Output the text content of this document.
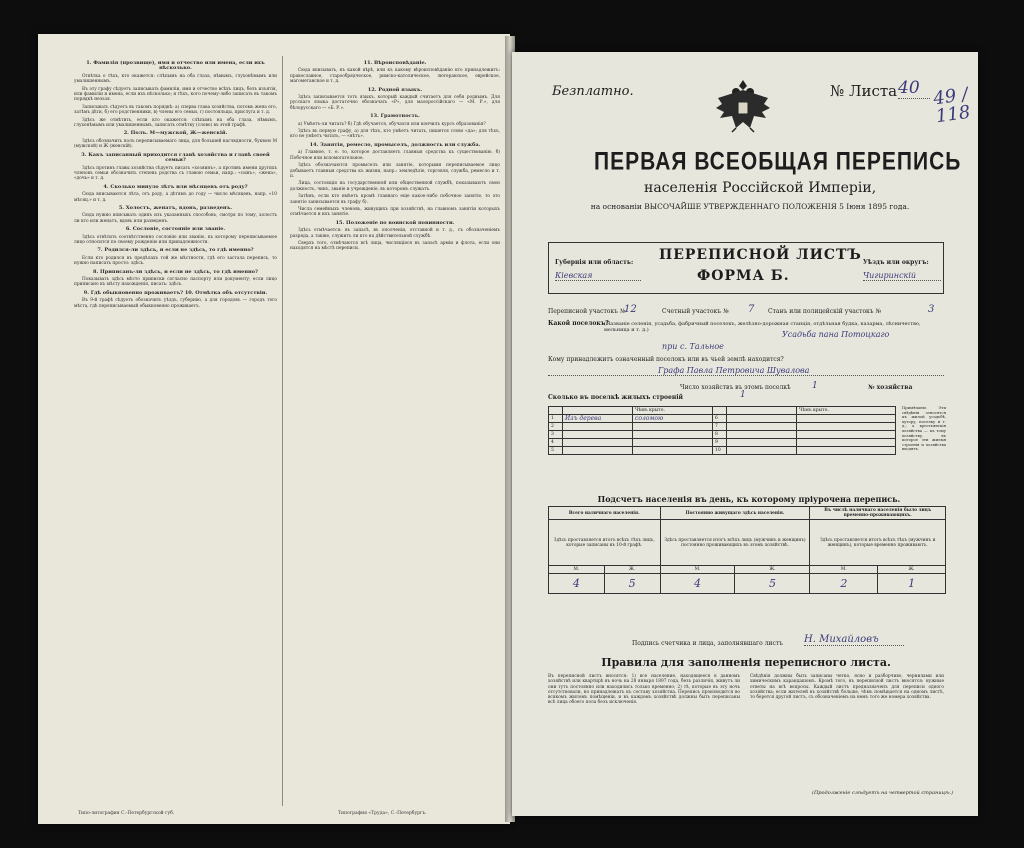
1. Фамилія (прозвище), имя и отчество или имена, если ихъ нѣсколько.

Отвѣтка о тѣхъ, кто окажется: слѣпымъ на оба глаза, нѣмымъ, глухонѣмымъ или умалишеннымъ.

Въ эту графу сѣдуетъ записывать фамиліи, имя и отчество всѣхъ лицъ, безъ изъятія, или фамиліи и имена, если ихъ нѣсколько; и тѣхъ, кого почему-либо записать въ такомъ порядкѣ нельзя.

Записывать сѣдуетъ въ такомъ порядкѣ: а) сперва глава хозяйства, потомъ жена его, затѣмъ дѣти, б) его родственники, в) члены его семьи, г) постояльцы, прислуга и т. д.

Здѣсь же отмѣтить, если кто окажется: слѣпымъ на оба глаза, нѣмымъ, глухонѣмымъ или умалишеннымъ, записать отмѣтку (слово) въ этой графѣ.

2. Полъ. М—мужской, Ж—женскій.

Здѣсь обозначить полъ переписываемаго лица, для большей наглядности, буквою М (мужской) и Ж (женскій).

3. Какъ записанный приходится главѣ хозяйства и главѣ своей семьи?

Здѣсь противъ главы хозяйства сѣдуетъ писать «хозяинъ», а противъ имени другихъ членовъ семьи обозначить степень родства съ главою семьи, напр.: «сынъ», «жена», «дочь» и т. д.

4. Сколько минуло лѣтъ или мѣсяцевъ отъ роду?

Сюда вписываются лѣта, отъ роду, а дѣтямъ до году — число мѣсяцевъ, напр. «10 мѣсяц.» и т. д.

5. Холостъ, женатъ, вдовъ, разведенъ.

Сюда нужно вписывать одинъ изъ указанныхъ способовъ, смотря по тому, холостъ ли кто или женатъ, вдовъ или разведенъ.

6. Сословіе, состояніе или званіе.

Здѣсь отвѣтить соотвѣтственно сословію или званію, къ которому переписываемое лицо относится по своему рожденію или принадлежности.

7. Родился-ли здѣсь, и если не здѣсь, то гдѣ именно?

Если кто родился въ предѣлахъ той же мѣстности, гдѣ его застала перепись, то нужно написать просто: здѣсь.

8. Приписанъ-ли здѣсь, и если не здѣсь, то гдѣ именно?

Показывать здѣсь мѣсто приписки согласно паспорту или документу; если лицо приписано къ мѣсту нахожденія, писать: здѣсь.

9. Гдѣ обыкновенно проживаетъ? 10. Отмѣтка объ отсутствіи.

Въ 9-й графѣ сѣдуетъ обозначить уѣздъ, губернію, а для городовъ — городъ того мѣста, гдѣ переписываемый обыкновенно проживаетъ.

11. Вѣроисповѣданіе.

Сюда вписывать, къ какой вѣрѣ, или къ какому вѣроисповѣданію кто принадлежитъ: православное, старообрядческое, римско-католическое, лютеранское, еврейское, магометанское и т. д.

12. Родной языкъ.

Здѣсь записывается тотъ языкъ, который каждый считаетъ для себя роднымъ. Для русскаго языка достаточно обозначать «Р», для малороссійскаго — «М. Р.», для бѣлорусскаго — «Б. Р.».

13. Грамотность.

а) Умѣетъ-ли читать? б) Гдѣ обучается, обучался или кончилъ курсъ образованія?

Здѣсь въ первую графу, а) для тѣхъ, кто умѣетъ читать, пишется слово «да»; для тѣхъ, кто не умѣетъ читать, — «нѣтъ».

14. Занятія, ремесло, промыселъ, должность или служба.

а) Главное, т. е. то, которое доставляетъ главныя средства къ существованію. б) Побочное или вспомогательное.

Здѣсь обозначаются промыселъ или занятіе, которыми переписываемое лицо добываетъ главныя средства къ жизни, напр.: земледѣліе, торговля, служба, ремесло и т. п.

Лица, состоящія на государственной или общественной службѣ, показываютъ свою должность, чинъ, званіе и учрежденіе, въ которомъ служатъ.

Затѣмъ, если кто имѣетъ кромѣ главнаго еще какое-либо побочное занятіе, то это занятіе записывается въ графу б).

Числа семейныхъ членовъ, живущихъ при хозяйствѣ, на главномъ занятіи которыхъ отмѣчается и ихъ занятіе.

15. Положеніе по воинской повинности.

Здѣсь отмѣчается: въ запасѣ, въ ополченіи, отставной и т. д., съ обозначеніемъ разряда, а также, служитъ ли кто на дѣйствительной службѣ.

Сверхъ того, отмѣчаются всѣ лица, числящіяся въ запасѣ армiи и флота, если они находятся на мѣстѣ переписи.

Типо-литография С.-Петербургской губ.	Типография «Труда», С.-Петербургъ.
Безплатно.	№ Листа 40 49 / 118
ПЕРВАЯ ВСЕОБЩАЯ ПЕРЕПИСЬ
населенія Россійской Имперіи,
на основаніи ВЫСОЧАЙШЕ УТВЕРЖДЕННАГО ПОЛОЖЕНІЯ 5 Іюня 1895 года.
ПЕРЕПИСНОЙ ЛИСТЪ
ФОРМА Б.
Губернія или область:
Кіевская
Уѣздъ или округъ:
Чигиринскій
Переписной участокъ №
12	Счетный участокъ № 7 Станъ или полицейскій участокъ №	3
Какой поселокъ?
(Названіе селенія, усадьба, фабричный поселокъ, желѣзно-дорожная станція, отдѣльная будка, казарма, лѣсничество, мельница и т. д.)	Усадьба пана Потоцкаго
при с. Тальное
Кому принадлежитъ означенный поселокъ или въ чьей землѣ находится?
Графа Павла Петровича Шувалова
Число хозяйствъ въ этомъ поселкѣ 1	№ хозяйства
Сколько въ поселкѣ жилыхъ строеній	1
		Чѣмъ крыто.			Чѣмъ крыто.
1	Изъ дерева	соломою	6		
2			7		
3			8		
4			9		
5			10		
Примѣчаніе. Эти свѣдѣнія относятся къ жилой усадьбѣ, хутору, поселку и т. д.; а крестьянскія хозяйства — къ тому хозяйству, въ которое эти жилыя строенія и хозяйства входятъ.
Подсчетъ населенія въ день, къ которому пріурочена перепись.
Всего наличнаго населенія.		Постоянно живущаго здѣсь населенія.		Въ числѣ наличнаго населенія было лицъ временно-проживающихъ.	
Здѣсь проставляется итогъ всѣхъ тѣхъ лицъ, которые записаны въ 10-й графѣ.		Здѣсь проставляется итогъ всѣхъ лицъ (мужчинъ и женщинъ) постоянно проживающихъ въ этомъ хозяйствѣ.		Здѣсь проставляется итогъ всѣхъ тѣхъ (мужчинъ и женщинъ), которые временно проживаютъ.	
М.	Ж.	М.	Ж.	М.	Ж.
4	5	4	5	2	1
Подпись счетчика и лица, заполнявшаго листъ Н. Михайловъ
Правила для заполненія переписного листа.
Въ переписной листъ вносятся: 1) все население, находящееся в данномъ хозяйствѣ или квартирѣ въ ночь на 28 января 1897 года, безъ различія, живутъ ли они тутъ постоянно или находились только временно; 2) тѣ, которые въ эту ночь отсутствовали, но принадлежатъ къ составу хозяйства. Перепись производится во всякомъ жиломъ помѣщеніи, и въ каждомъ хозяйствѣ должны быть переписаны всѣ лица обоего пола безъ исключенія.
Свѣдѣнія должны быть записаны четко, ясно и разборчиво, чернилами или химическимъ карандашомъ. Кромѣ того, въ переписной листъ вносятся: нужные ответы на всѣ вопросы. Каждый листъ предназначенъ для переписи одного хозяйства; если жителей въ хозяйствѣ больше, чѣмъ помѣщается на одномъ листѣ, то берется другой листъ, съ обозначеніемъ на немъ того же номера хозяйства.
(Продолженіе слѣдуетъ на четвертой страницѣ.)
